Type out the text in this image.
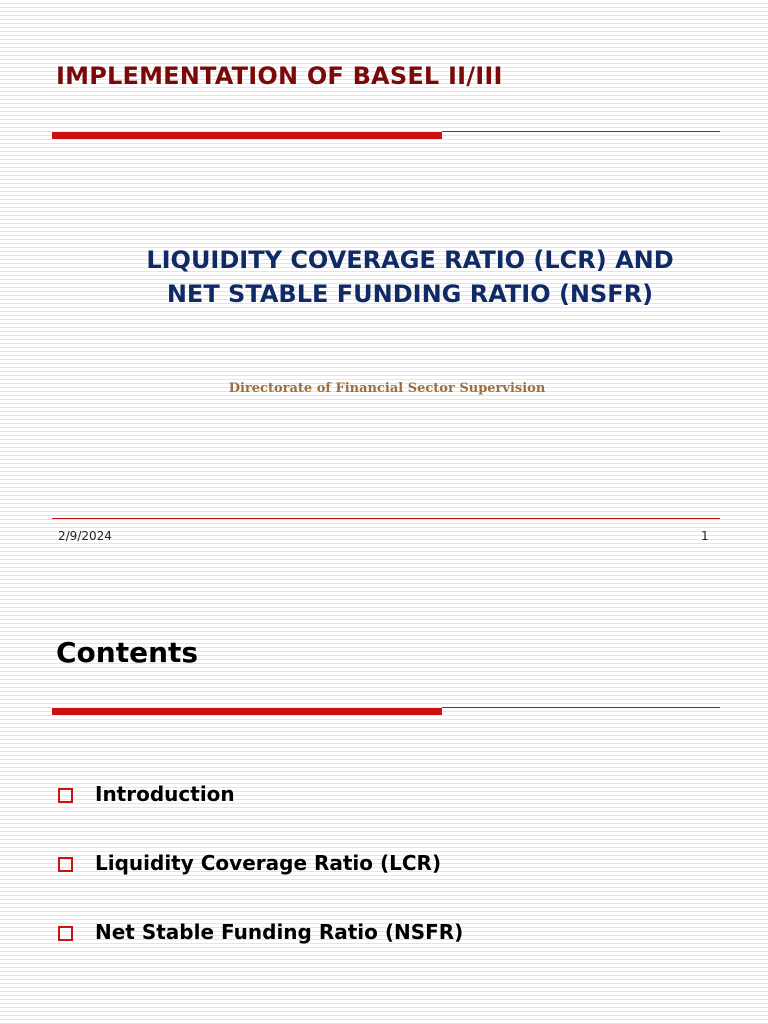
IMPLEMENTATION OF BASEL II/III
LIQUIDITY COVERAGE RATIO (LCR) AND
NET STABLE FUNDING RATIO (NSFR)
Directorate of Financial Sector Supervision
2/9/2024	1
Contents
Introduction
Liquidity Coverage Ratio (LCR)
Net Stable Funding Ratio (NSFR)
